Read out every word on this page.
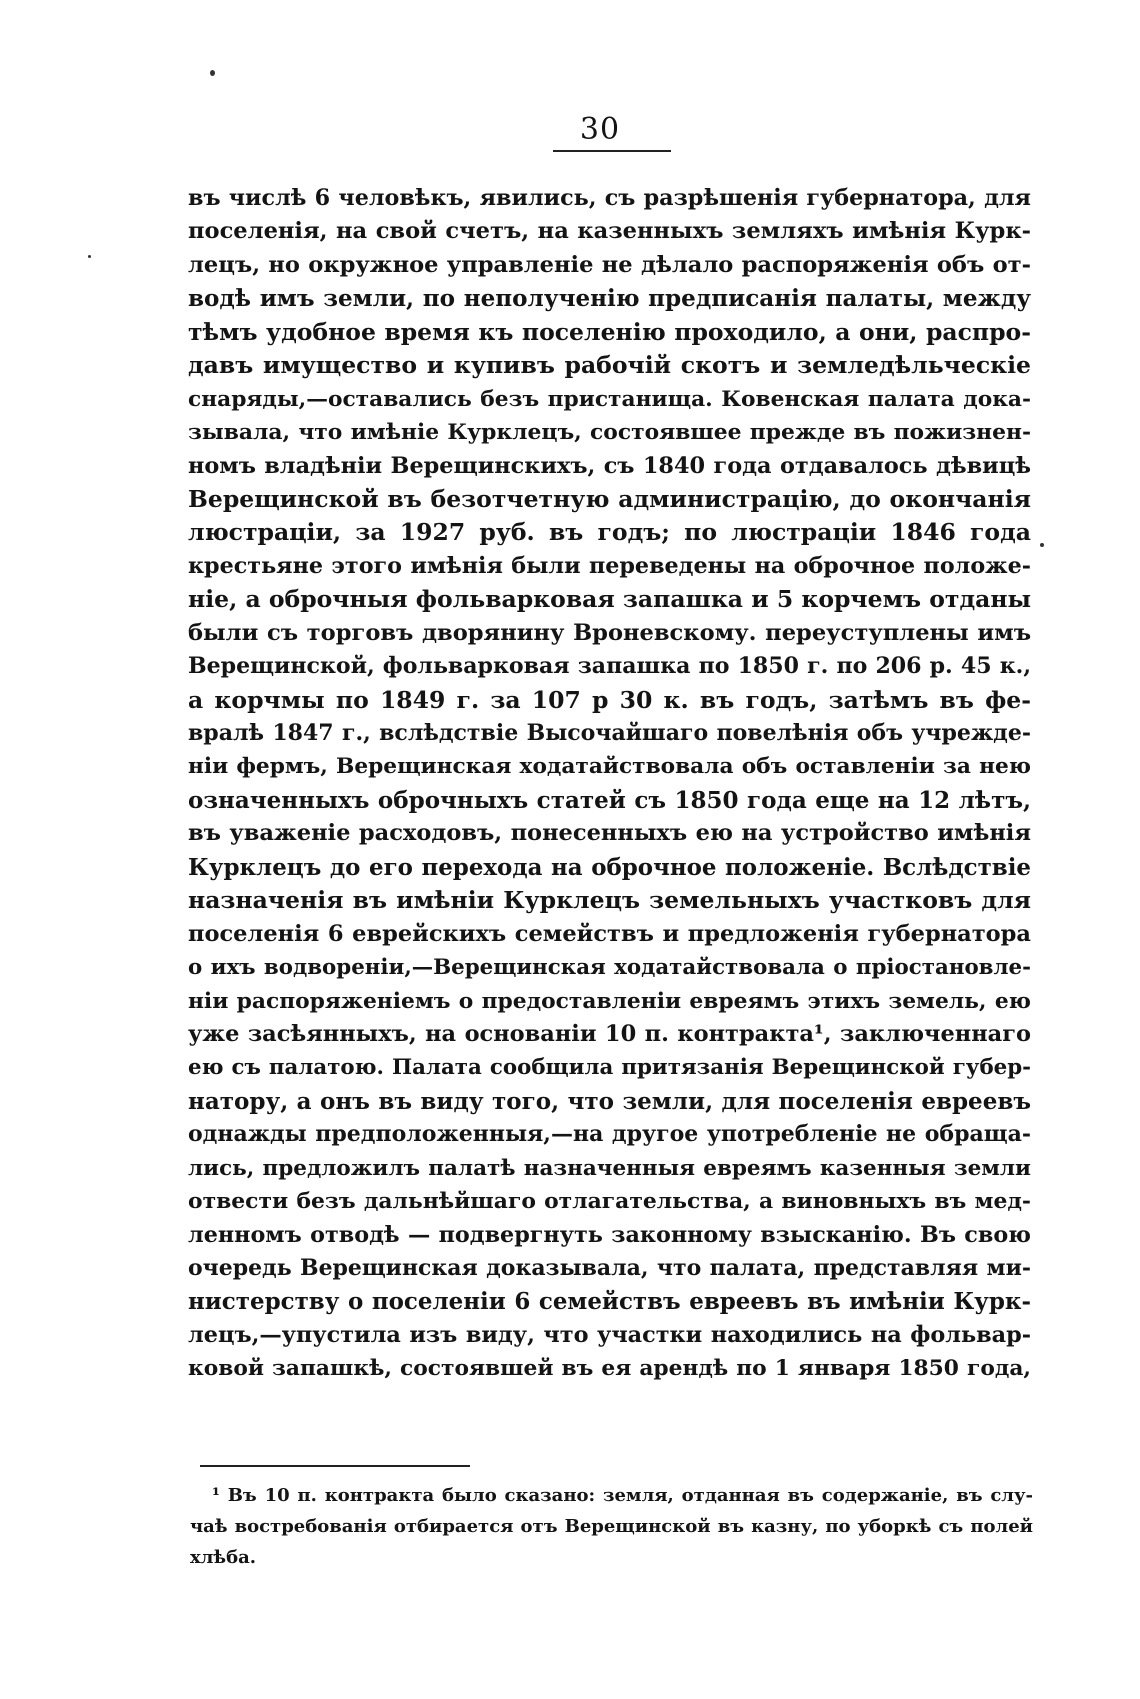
30
въ числѣ 6 человѣкъ, явились, съ разрѣшенія губернатора, для
поселенія, на свой счетъ, на казенныхъ земляхъ имѣнія Курк-
лецъ, но окружное управленіе не дѣлало распоряженія объ от-
водѣ имъ земли, по неполученію предписанія палаты, между
тѣмъ удобное время къ поселенію проходило, а они, распро-
давъ имущество и купивъ рабочій скотъ и земледѣльческіе
снаряды,—оставались безъ пристанища. Ковенская палата дока-
зывала, что имѣніе Курклецъ, состоявшее прежде въ пожизнен-
номъ владѣніи Верещинскихъ, съ 1840 года отдавалось дѣвицѣ
Верещинской въ безотчетную администрацію, до окончанія
люстраціи, за 1927 руб. въ годъ; по люстраціи 1846 года
крестьяне этого имѣнія были переведены на оброчное положе-
ніе, а оброчныя фольварковая запашка и 5 корчемъ отданы
были съ торговъ дворянину Вроневскому. переуступлены имъ
Верещинской, фольварковая запашка по 1850 г. по 206 р. 45 к.,
а корчмы по 1849 г. за 107 р 30 к. въ годъ, затѣмъ въ фе-
вралѣ 1847 г., вслѣдствіе Высочайшаго повелѣнія объ учрежде-
ніи фермъ, Верещинская ходатайствовала объ оставленіи за нею
означенныхъ оброчныхъ статей съ 1850 года еще на 12 лѣтъ,
въ уваженіе расходовъ, понесенныхъ ею на устройство имѣнія
Курклецъ до его перехода на оброчное положеніе. Вслѣдствіе
назначенія въ имѣніи Курклецъ земельныхъ участковъ для
поселенія 6 еврейскихъ семействъ и предложенія губернатора
о ихъ водвореніи,—Верещинская ходатайствовала о пріостановле-
ніи распоряженіемъ о предоставленіи евреямъ этихъ земель, ею
уже засѣянныхъ, на основаніи 10 п. контракта¹, заключеннаго
ею съ палатою. Палата сообщила притязанія Верещинской губер-
натору, а онъ въ виду того, что земли, для поселенія евреевъ
однажды предположенныя,—на другое употребленіе не обраща-
лись, предложилъ палатѣ назначенныя евреямъ казенныя земли
отвести безъ дальнѣйшаго отлагательства, а виновныхъ въ мед-
ленномъ отводѣ — подвергнуть законному взысканію. Въ свою
очередь Верещинская доказывала, что палата, представляя ми-
нистерству о поселеніи 6 семействъ евреевъ въ имѣніи Курк-
лецъ,—упустила изъ виду, что участки находились на фольвар-
ковой запашкѣ, состоявшей въ ея арендѣ по 1 января 1850 года,
¹ Въ 10 п. контракта было сказано: земля, отданная въ содержаніе, въ слу-
чаѣ востребованія отбирается отъ Верещинской въ казну, по уборкѣ съ полей
хлѣба.
